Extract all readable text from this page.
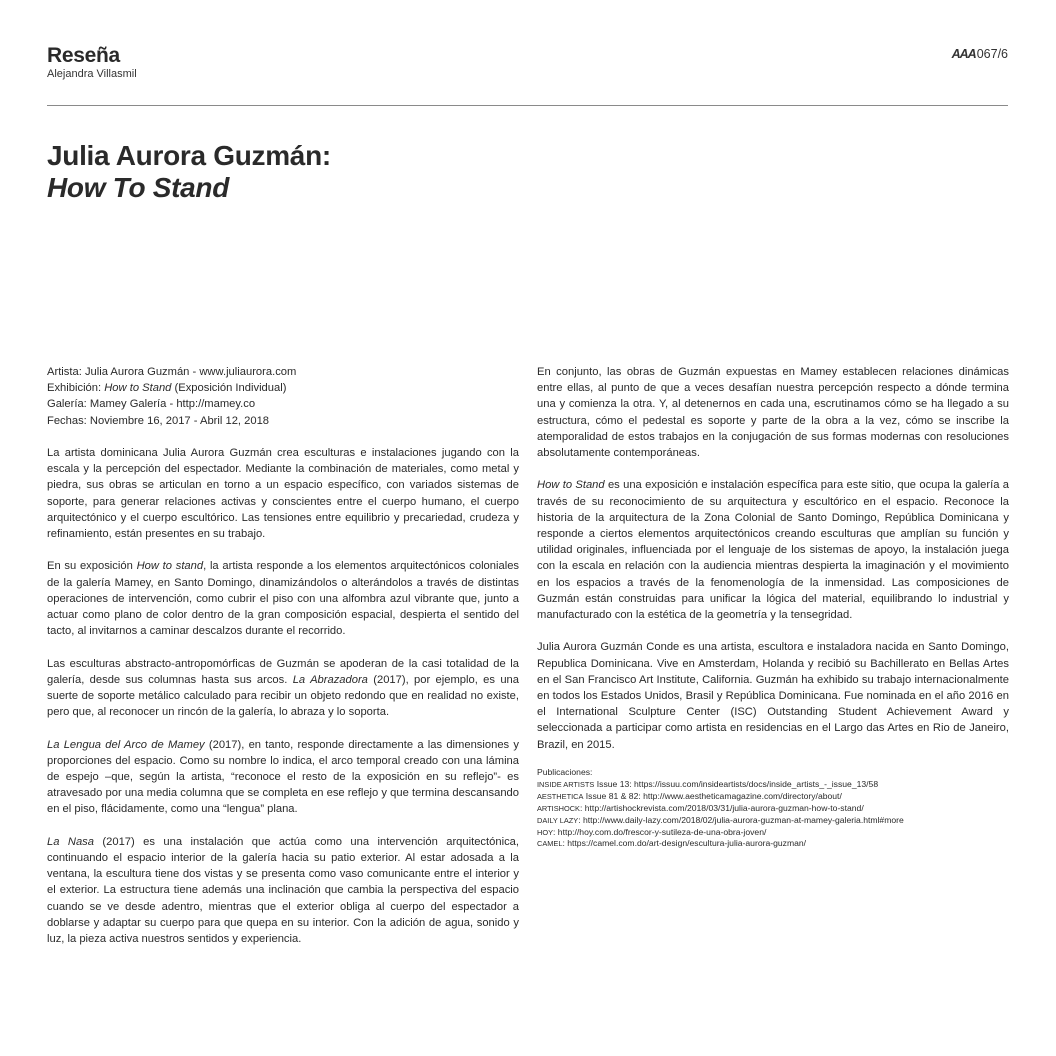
Reseña
Alejandra Villasmil
AAA067/6
Julia Aurora Guzmán:
How To Stand
Artista: Julia Aurora Guzmán - www.juliaurora.com
Exhibición: How to Stand (Exposición Individual)
Galería: Mamey Galería - http://mamey.co
Fechas: Noviembre 16, 2017 - Abril 12, 2018

La artista dominicana Julia Aurora Guzmán crea esculturas e instalaciones jugando con la escala y la percepción del espectador. Mediante la combinación de materiales, como metal y piedra, sus obras se articulan en torno a un espacio específico, con variados sistemas de soporte, para generar relaciones activas y conscientes entre el cuerpo humano, el cuerpo arquitectónico y el cuerpo escultórico. Las tensiones entre equilibrio y precariedad, crudeza y refinamiento, están presentes en su trabajo.

En su exposición How to stand, la artista responde a los elementos arquitectónicos coloniales de la galería Mamey, en Santo Domingo, dinamizándolos o alterándolos a través de distintas operaciones de intervención, como cubrir el piso con una alfombra azul vibrante que, junto a actuar como plano de color dentro de la gran composición espacial, despierta el sentido del tacto, al invitarnos a caminar descalzos durante el recorrido.

Las esculturas abstracto-antropomórficas de Guzmán se apoderan de la casi totalidad de la galería, desde sus columnas hasta sus arcos. La Abrazadora (2017), por ejemplo, es una suerte de soporte metálico calculado para recibir un objeto redondo que en realidad no existe, pero que, al reconocer un rincón de la galería, lo abraza y lo soporta.

La Lengua del Arco de Mamey (2017), en tanto, responde directamente a las dimensiones y proporciones del espacio. Como su nombre lo indica, el arco temporal creado con una lámina de espejo –que, según la artista, “reconoce el resto de la exposición en su reflejo”- es atravesado por una media columna que se completa en ese reflejo y que termina descansando en el piso, flácidamente, como una “lengua” plana.

La Nasa (2017) es una instalación que actúa como una intervención arquitectónica, continuando el espacio interior de la galería hacia su patio exterior. Al estar adosada a la ventana, la escultura tiene dos vistas y se presenta como vaso comunicante entre el interior y el exterior. La estructura tiene además una inclinación que cambia la perspectiva del espacio cuando se ve desde adentro, mientras que el exterior obliga al cuerpo del espectador a doblarse y adaptar su cuerpo para que quepa en su interior. Con la adición de agua, sonido y luz, la pieza activa nuestros sentidos y experiencia.

En conjunto, las obras de Guzmán expuestas en Mamey establecen relaciones dinámicas entre ellas, al punto de que a veces desafían nuestra percepción respecto a dónde termina una y comienza la otra. Y, al detenernos en cada una, escrutinamos cómo se ha llegado a su estructura, cómo el pedestal es soporte y parte de la obra a la vez, cómo se inscribe la atemporalidad de estos trabajos en la conjugación de sus formas modernas con resoluciones absolutamente contemporáneas.

How to Stand es una exposición e instalación específica para este sitio, que ocupa la galería a través de su reconocimiento de su arquitectura y escultórico en el espacio. Reconoce la historia de la arquitectura de la Zona Colonial de Santo Domingo, República Dominicana y responde a ciertos elementos arquitectónicos creando esculturas que amplían su función y utilidad originales, influenciada por el lenguaje de los sistemas de apoyo, la instalación juega con la escala en relación con la audiencia mientras despierta la imaginación y el movimiento en los espacios a través de la fenomenología de la inmensidad. Las composiciones de Guzmán están construidas para unificar la lógica del material, equilibrando lo industrial y manufacturado con la estética de la geometría y la tensegridad.

Julia Aurora Guzmán Conde es una artista, escultora e instaladora nacida en Santo Domingo, Republica Dominicana. Vive en Amsterdam, Holanda y recibió su Bachillerato en Bellas Artes en el San Francisco Art Institute, California. Guzmán ha exhibido su trabajo internacionalmente en todos los Estados Unidos, Brasil y República Dominicana. Fue nominada en el año 2016 en el International Sculpture Center (ISC) Outstanding Student Achievement Award y seleccionada a participar como artista en residencias en el Largo das Artes en Rio de Janeiro, Brazil, en 2015.

Publicaciones:
INSIDE ARTISTS Issue 13: https://issuu.com/insideartists/docs/inside_artists_-_issue_13/58
AESTHETICA Issue 81 & 82: http://www.aestheticamagazine.com/directory/about/
ARTISHOCK: http://artishockrevista.com/2018/03/31/julia-aurora-guzman-how-to-stand/
DAILY LAZY: http://www.daily-lazy.com/2018/02/julia-aurora-guzman-at-mamey-galeria.html#more
HOY: http://hoy.com.do/frescor-y-sutileza-de-una-obra-joven/
CAMEL: https://camel.com.do/art-design/escultura-julia-aurora-guzman/
